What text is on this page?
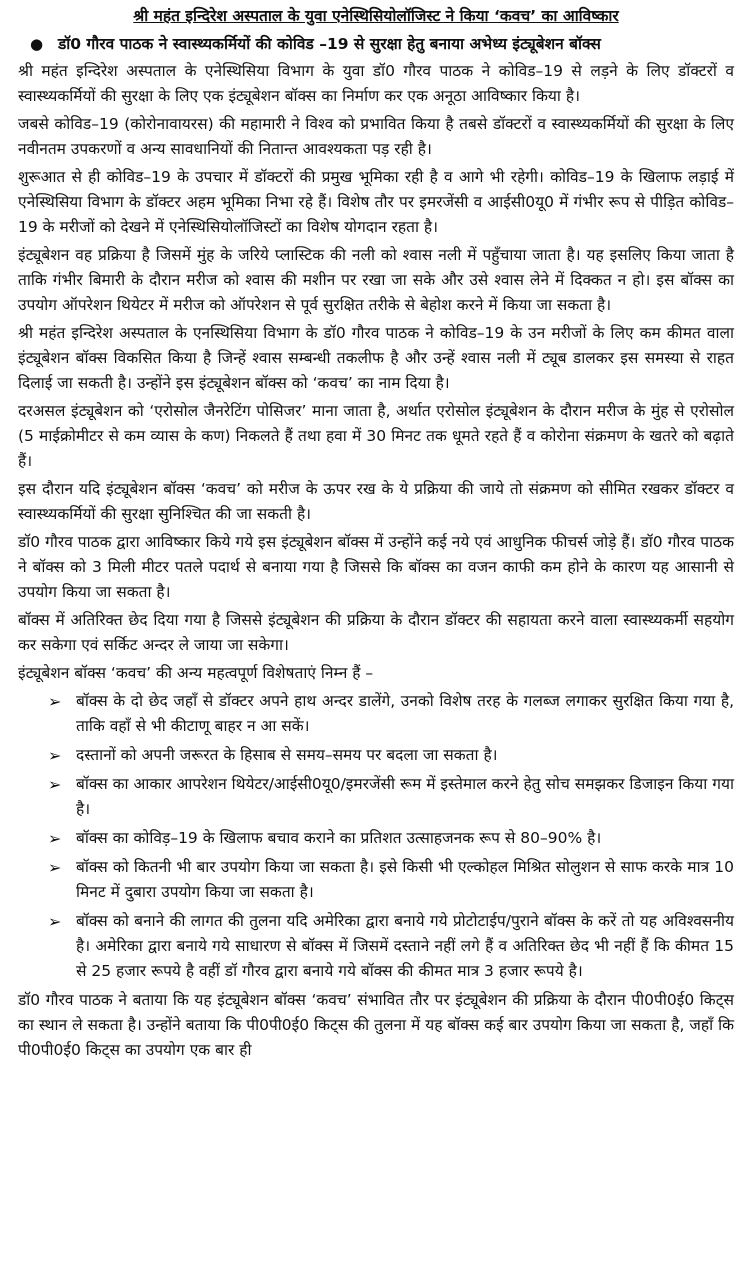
श्री महंत इन्दिरेश अस्पताल के युवा एनेस्थिसियोलॉजिस्ट ने किया ‘कवच’ का आविष्कार
● डॉ0 गौरव पाठक ने स्वास्थ्यकर्मियों की कोविड –19 से सुरक्षा हेतु बनाया अभेध्य इंट्यूबेशन बॉक्स

श्री महंत इन्दिरेश अस्पताल के एनेस्थिसिया विभाग के युवा डॉ0 गौरव पाठक ने कोविड–19 से लड़ने के लिए डॉक्टरों व स्वास्थ्यकर्मियों की सुरक्षा के लिए एक इंट्यूबेशन बॉक्स का निर्माण कर एक अनूठा आविष्कार किया है।

जबसे कोविड–19 (कोरोनावायरस) की महामारी ने विश्व को प्रभावित किया है तबसे डॉक्टरों व स्वास्थ्यकर्मियों की सुरक्षा के लिए नवीनतम उपकरणों व अन्य सावधानियों की नितान्त आवश्यकता पड़ रही है।

शुरूआत से ही कोविड–19 के उपचार में डॉक्टरों की प्रमुख भूमिका रही है व आगे भी रहेगी। कोविड–19 के खिलाफ लड़ाई में एनेस्थिसिया विभाग के डॉक्टर अहम भूमिका निभा रहे हैं। विशेष तौर पर इमरजेंसी व आईसी0यू0 में गंभीर रूप से पीड़ित कोविड–19 के मरीजों को देखने में एनेस्थिसियोलॉजिस्टों का विशेष योगदान रहता है।

इंट्यूबेशन वह प्रक्रिया है जिसमें मुंह के जरिये प्लास्टिक की नली को श्वास नली में पहुँचाया जाता है। यह इसलिए किया जाता है ताकि गंभीर बिमारी के दौरान मरीज को श्वास की मशीन पर रखा जा सके और उसे श्वास लेने में दिक्कत न हो। इस बॉक्स का उपयोग ऑपरेशन थियेटर में मरीज को ऑपरेशन से पूर्व सुरक्षित तरीके से बेहोश करने में किया जा सकता है।

श्री महंत इन्दिरेश अस्पताल के एनस्थिसिया विभाग के डॉ0 गौरव पाठक ने कोविड–19 के उन मरीजों के लिए कम कीमत वाला इंट्यूबेशन बॉक्स विकसित किया है जिन्हें श्वास सम्बन्धी तकलीफ है और उन्हें श्वास नली में ट्यूब डालकर इस समस्या से राहत दिलाई जा सकती है। उन्होंने इस इंट्यूबेशन बॉक्स को ‘कवच’ का नाम दिया है।

दरअसल इंट्यूबेशन को ‘एरोसोल जैनरेटिंग पोसिजर’ माना जाता है, अर्थात एरोसोल इंट्यूबेशन के दौरान मरीज के मुंह से एरोसोल (5 माईक्रोमीटर से कम व्यास के कण) निकलते हैं तथा हवा में 30 मिनट तक धूमते रहते हैं व कोरोना संक्रमण के खतरे को बढ़ाते हैं।

इस दौरान यदि इंट्यूबेशन बॉक्स ‘कवच’ को मरीज के ऊपर रख के ये प्रक्रिया की जाये तो संक्रमण को सीमित रखकर डॉक्टर व स्वास्थ्यकर्मियों की सुरक्षा सुनिश्चित की जा सकती है।

डॉ0 गौरव पाठक द्वारा आविष्कार किये गये इस इंट्यूबेशन बॉक्स में उन्होंने कई नये एवं आधुनिक फीचर्स जोड़े हैं। डॉ0 गौरव पाठक ने बॉक्स को 3 मिली मीटर पतले पदार्थ से बनाया गया है जिससे कि बॉक्स का वजन काफी कम होने के कारण यह आसानी से उपयोग किया जा सकता है।

बॉक्स में अतिरिक्त छेद दिया गया है जिससे इंट्यूबेशन की प्रक्रिया के दौरान डॉक्टर की सहायता करने वाला स्वास्थ्यकर्मी सहयोग कर सकेगा एवं सर्किट अन्दर ले जाया जा सकेगा।

इंट्यूबेशन बॉक्स ‘कवच’ की अन्य महत्वपूर्ण विशेषताएं निम्न हैं –

➢ बॉक्स के दो छेद जहाँ से डॉक्टर अपने हाथ अन्दर डालेंगे, उनको विशेष तरह के गलब्ज लगाकर सुरक्षित किया गया है, ताकि वहाँ से भी कीटाणू बाहर न आ सकें।
➢ दस्तानों को अपनी जरूरत के हिसाब से समय–समय पर बदला जा सकता है।
➢ बॉक्स का आकार आपरेशन थियेटर/आईसी0यू0/इमरजेंसी रूम में इस्तेमाल करने हेतु सोच समझकर डिजाइन किया गया है।
➢ बॉक्स का कोविड़–19 के खिलाफ बचाव कराने का प्रतिशत उत्साहजनक रूप से 80–90% है।
➢ बॉक्स को कितनी भी बार उपयोग किया जा सकता है। इसे किसी भी एल्कोहल मिश्रित सोलुशन से साफ करके मात्र 10 मिनट में दुबारा उपयोग किया जा सकता है।
➢ बॉक्स को बनाने की लागत की तुलना यदि अमेरिका द्वारा बनाये गये प्रोटोटाईप/पुराने बॉक्स के करें तो यह अविश्वसनीय है। अमेरिका द्वारा बनाये गये साधारण से बॉक्स में जिसमें दस्ताने नहीं लगे हैं व अतिरिक्त छेद भी नहीं हैं कि कीमत 15 से 25 हजार रूपये है वहीं डॉ गौरव द्वारा बनाये गये बॉक्स की कीमत मात्र 3 हजार रूपये है।

डॉ0 गौरव पाठक ने बताया कि यह इंट्यूबेशन बॉक्स ‘कवच’ संभावित तौर पर इंट्यूबेशन की प्रक्रिया के दौरान पी0पी0ई0 किट्स का स्थान ले सकता है। उन्होंने बताया कि पी0पी0ई0 किट्स की तुलना में यह बॉक्स कई बार उपयोग किया जा सकता है, जहाँ कि पी0पी0ई0 किट्स का उपयोग एक बार ही
